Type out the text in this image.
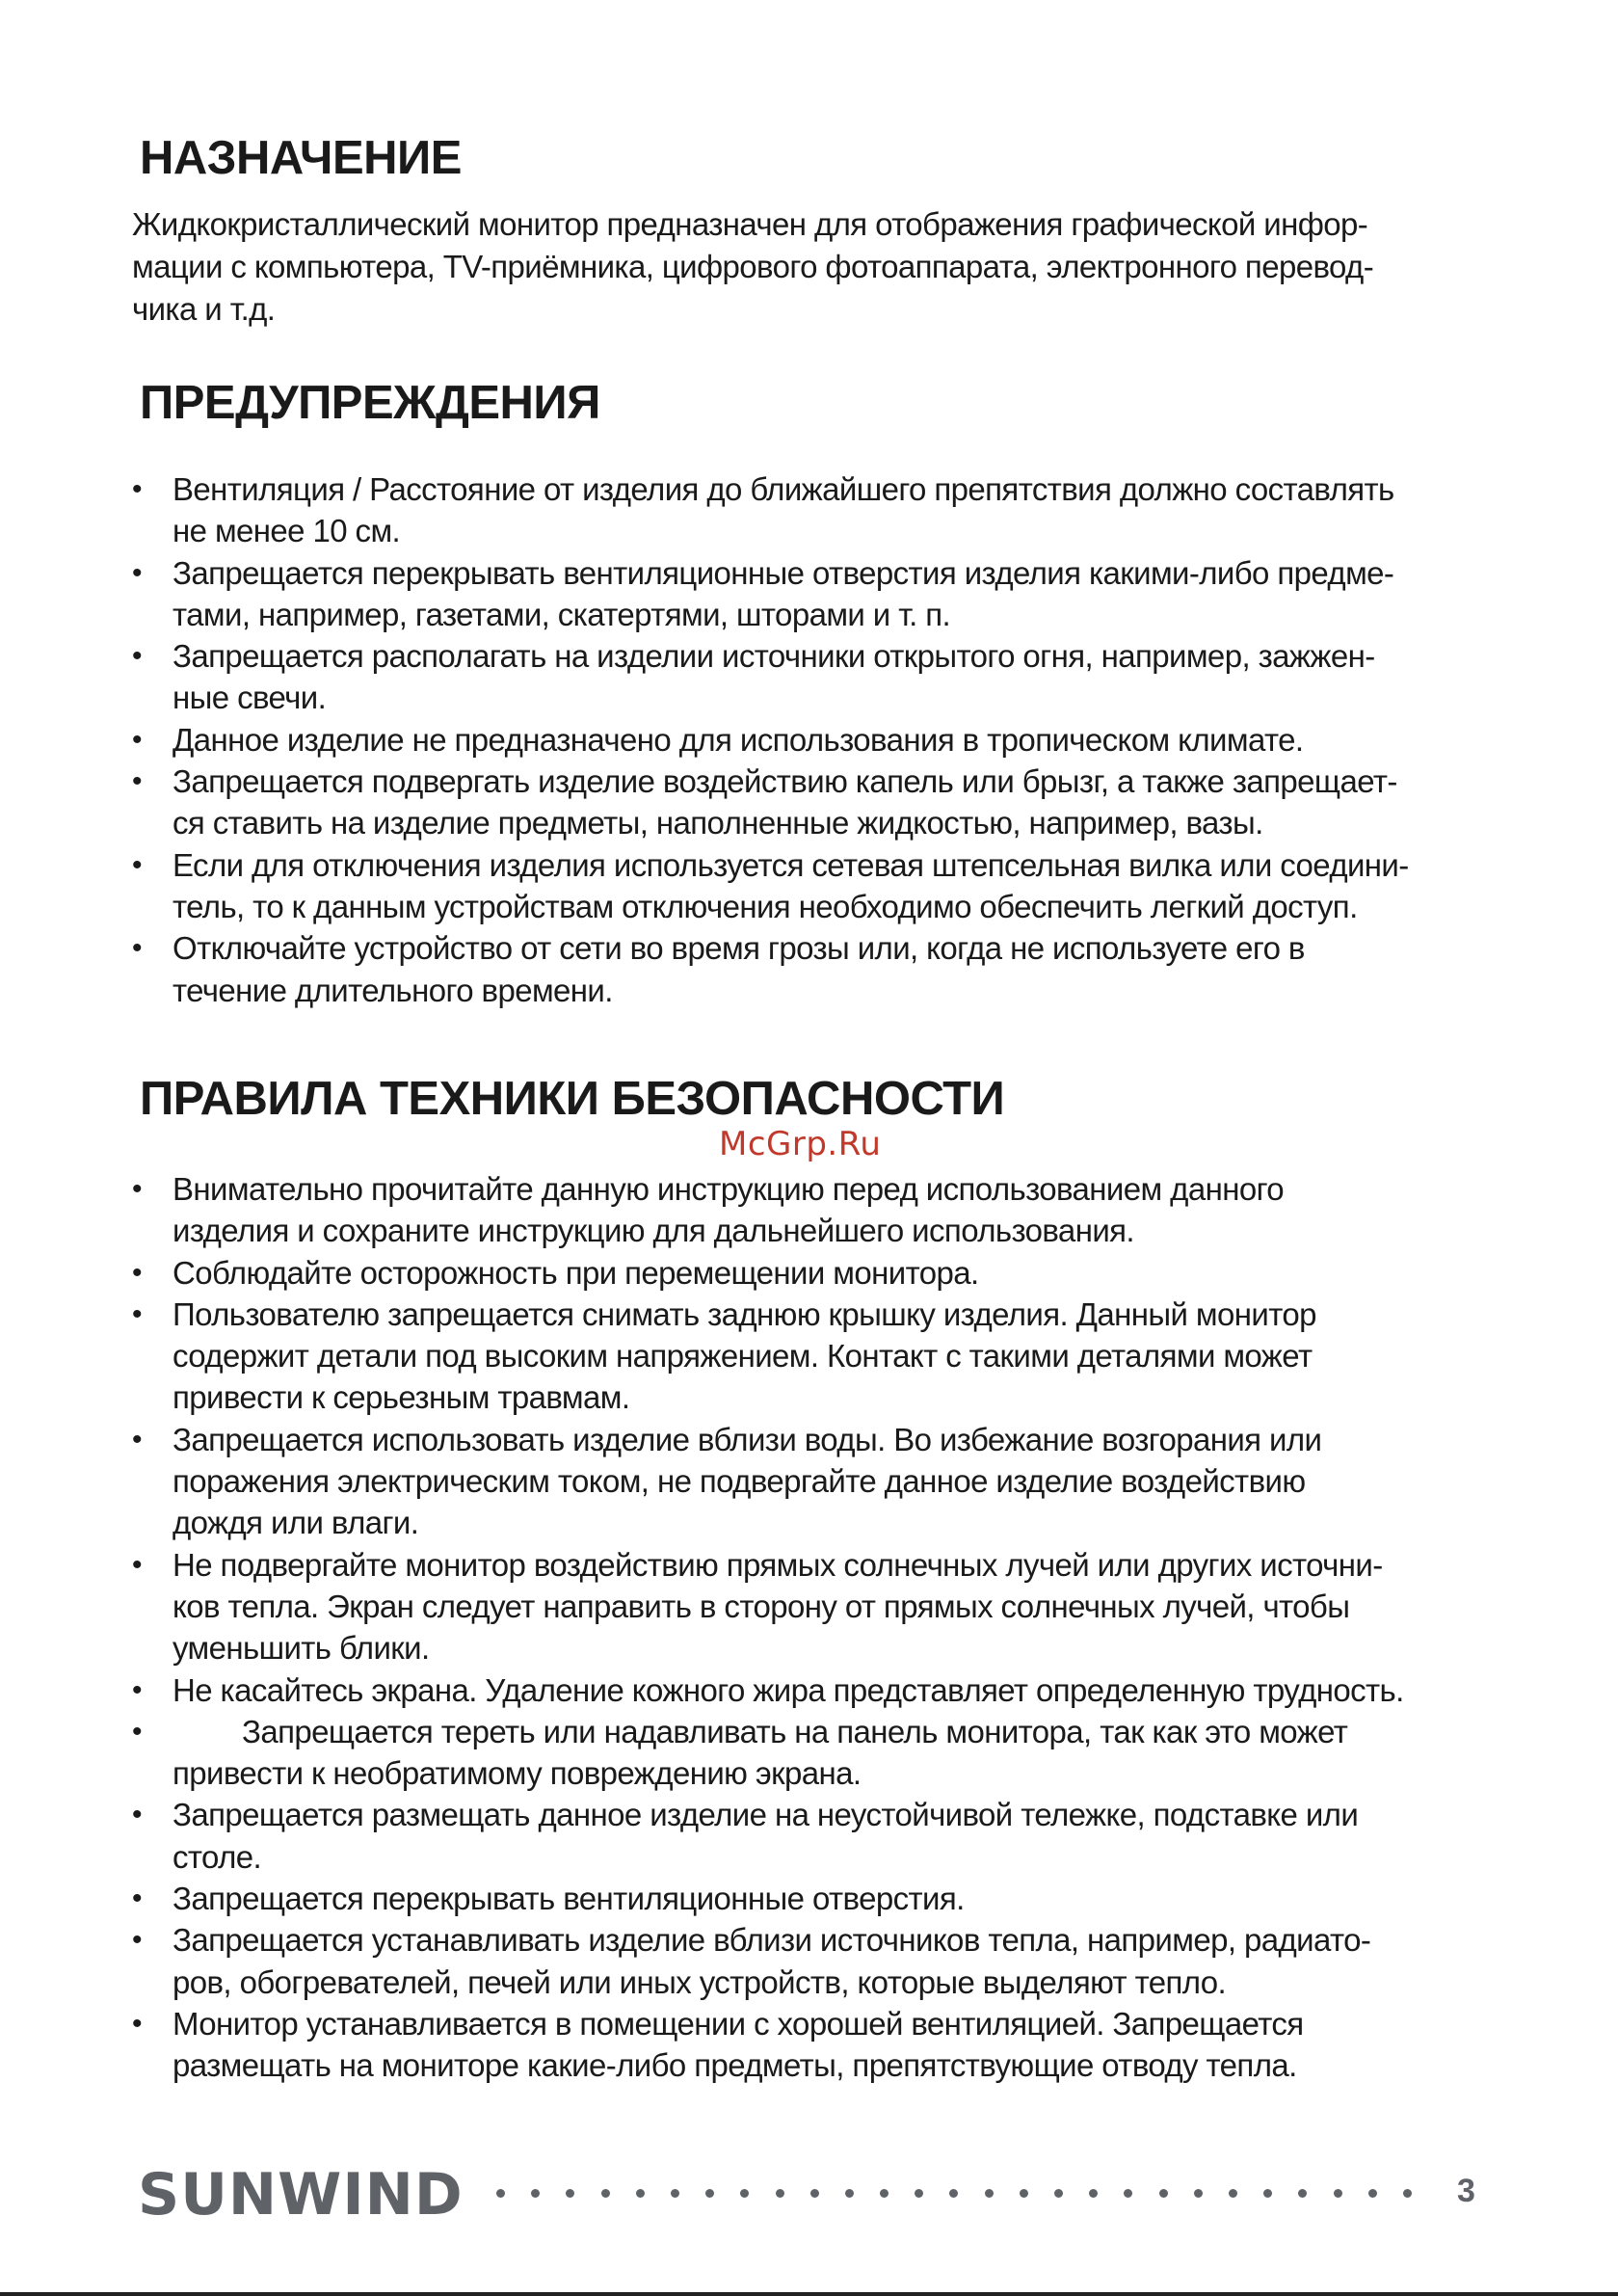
НАЗНАЧЕНИЕ
Жидкокристаллический монитор предназначен для отображения графической инфор-
мации с компьютера, TV-приёмника, цифрового фотоаппарата, электронного перевод-
чика и т.д.
ПРЕДУПРЕЖДЕНИЯ
• Вентиляция / Расстояние от изделия до ближайшего препятствия должно составлять
не менее 10 см.
• Запрещается перекрывать вентиляционные отверстия изделия какими-либо предме-
тами, например, газетами, скатертями, шторами и т. п.
• Запрещается располагать на изделии источники открытого огня, например, зажжен-
ные свечи.
• Данное изделие не предназначено для использования в тропическом климате.
• Запрещается подвергать изделие воздействию капель или брызг, а также запрещает-
ся ставить на изделие предметы, наполненные жидкостью, например, вазы.
• Если для отключения изделия используется сетевая штепсельная вилка или соедини-
тель, то к данным устройствам отключения необходимо обеспечить легкий доступ.
• Отключайте устройство от сети во время грозы или, когда не используете его в
течение длительного времени.
ПРАВИЛА ТЕХНИКИ БЕЗОПАСНОСТИ
McGrp.Ru
• Внимательно прочитайте данную инструкцию перед использованием данного
изделия и сохраните инструкцию для дальнейшего использования.
• Соблюдайте осторожность при перемещении монитора.
• Пользователю запрещается снимать заднюю крышку изделия. Данный монитор
содержит детали под высоким напряжением. Контакт с такими деталями может
привести к серьезным травмам.
• Запрещается использовать изделие вблизи воды. Во избежание возгорания или
поражения электрическим током, не подвергайте данное изделие воздействию
дождя или влаги.
• Не подвергайте монитор воздействию прямых солнечных лучей или других источни-
ков тепла. Экран следует направить в сторону от прямых солнечных лучей, чтобы
уменьшить блики.
• Не касайтесь экрана. Удаление кожного жира представляет определенную трудность.
• Запрещается тереть или надавливать на панель монитора, так как это может
привести к необратимому повреждению экрана.
• Запрещается размещать данное изделие на неустойчивой тележке, подставке или
столе.
• Запрещается перекрывать вентиляционные отверстия.
• Запрещается устанавливать изделие вблизи источников тепла, например, радиато-
ров, обогревателей, печей или иных устройств, которые выделяют тепло.
• Монитор устанавливается в помещении с хорошей вентиляцией. Запрещается
размещать на мониторе какие-либо предметы, препятствующие отводу тепла.
SUNWIND	3
